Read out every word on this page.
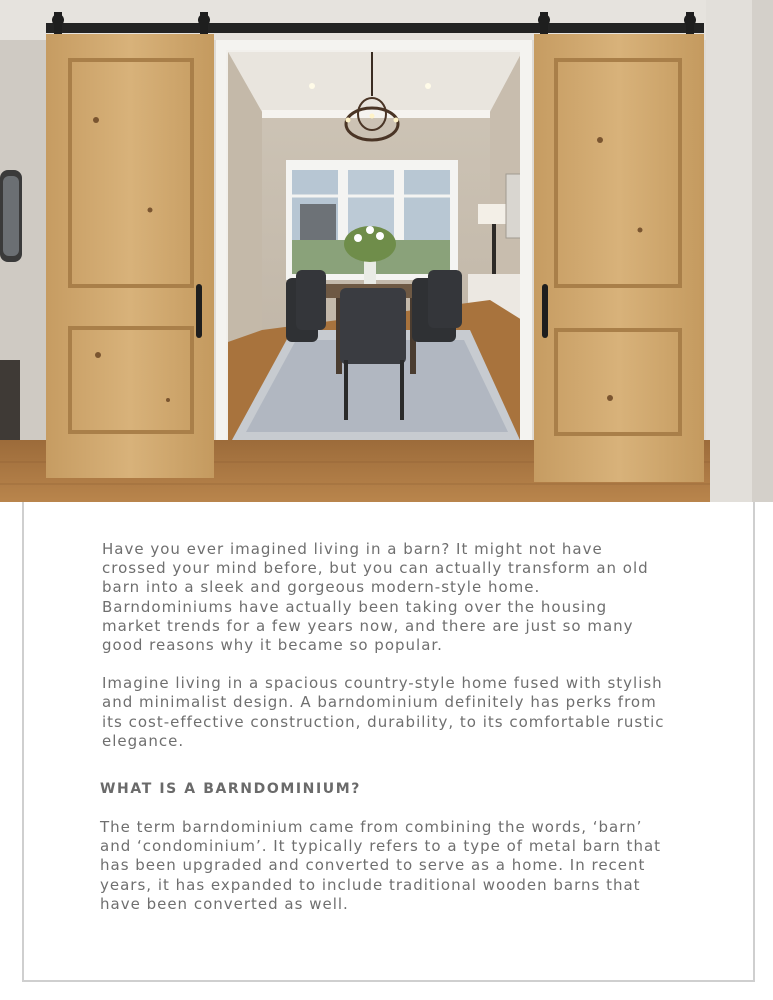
Have you ever imagined living in a barn? It might not have crossed your mind before, but you can actually transform an old barn into a sleek and gorgeous modern-style home. Barndominiums have actually been taking over the housing market trends for a few years now, and there are just so many good reasons why it became so popular.

Imagine living in a spacious country-style home fused with stylish and minimalist design. A barndominium definitely has perks from its cost-effective construction, durability, to its comfortable rustic elegance.

WHAT IS A BARNDOMINIUM?

The term barndominium came from combining the words, ‘barn’ and ‘condominium’. It typically refers to a type of metal barn that has been upgraded and converted to serve as a home. In recent years, it has expanded to include traditional wooden barns that have been converted as well.
